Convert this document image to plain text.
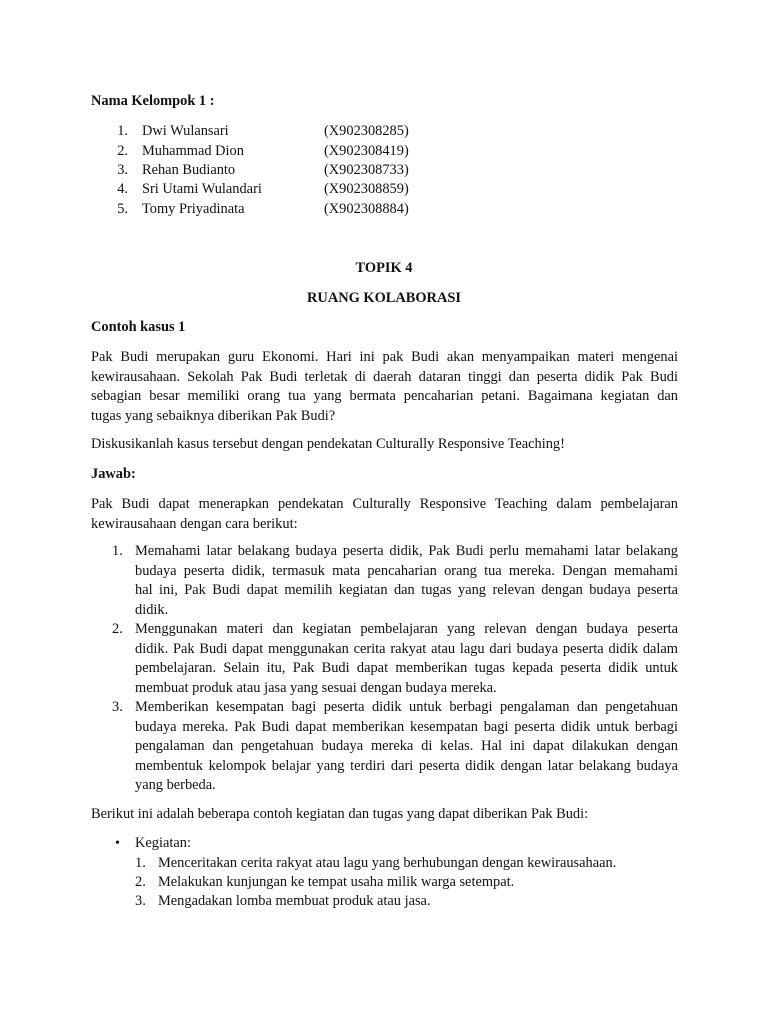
Nama Kelompok 1 :
1. Dwi Wulansari	(X902308285)
2. Muhammad Dion	(X902308419)
3. Rehan Budianto	(X902308733)
4. Sri Utami Wulandari	(X902308859)
5. Tomy Priyadinata	(X902308884)
TOPIK 4
RUANG KOLABORASI
Contoh kasus 1
Pak Budi merupakan guru Ekonomi. Hari ini pak Budi akan menyampaikan materi mengenai
kewirausahaan. Sekolah Pak Budi terletak di daerah dataran tinggi dan peserta didik Pak Budi
sebagian besar memiliki orang tua yang bermata pencaharian petani. Bagaimana kegiatan dan
tugas yang sebaiknya diberikan Pak Budi?
Diskusikanlah kasus tersebut dengan pendekatan Culturally Responsive Teaching!
Jawab:
Pak Budi dapat menerapkan pendekatan Culturally Responsive Teaching dalam pembelajaran
kewirausahaan dengan cara berikut:
1. Memahami latar belakang budaya peserta didik, Pak Budi perlu memahami latar belakang
budaya peserta didik, termasuk mata pencaharian orang tua mereka. Dengan memahami
hal ini, Pak Budi dapat memilih kegiatan dan tugas yang relevan dengan budaya peserta
didik.
2. Menggunakan materi dan kegiatan pembelajaran yang relevan dengan budaya peserta
didik. Pak Budi dapat menggunakan cerita rakyat atau lagu dari budaya peserta didik dalam
pembelajaran. Selain itu, Pak Budi dapat memberikan tugas kepada peserta didik untuk
membuat produk atau jasa yang sesuai dengan budaya mereka.
3. Memberikan kesempatan bagi peserta didik untuk berbagi pengalaman dan pengetahuan
budaya mereka. Pak Budi dapat memberikan kesempatan bagi peserta didik untuk berbagi
pengalaman dan pengetahuan budaya mereka di kelas. Hal ini dapat dilakukan dengan
membentuk kelompok belajar yang terdiri dari peserta didik dengan latar belakang budaya
yang berbeda.
Berikut ini adalah beberapa contoh kegiatan dan tugas yang dapat diberikan Pak Budi:
• Kegiatan:
1. Menceritakan cerita rakyat atau lagu yang berhubungan dengan kewirausahaan.
2. Melakukan kunjungan ke tempat usaha milik warga setempat.
3. Mengadakan lomba membuat produk atau jasa.
